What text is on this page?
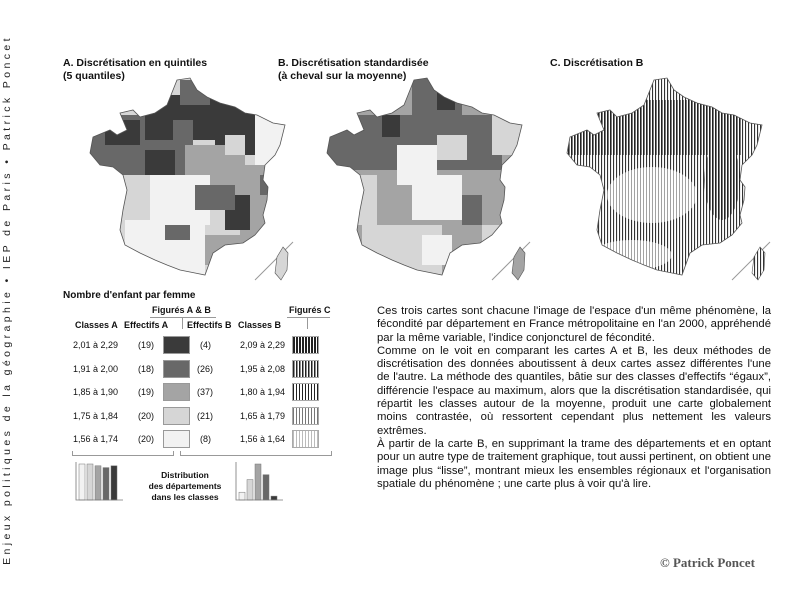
Enjeux politiques de la géographie • IEP de Paris • Patrick Poncet	A. Discrétisation en quintiles
(5 quantiles)
B. Discrétisation standardisée
(à cheval sur la moyenne)
C. Discrétisation B
Nombre d'enfant par femme
Figurés A & B	Figurés C
Classes A Effectifs A Effectifs B Classes B
2,01 à 2,29 (19)	(4)	2,09 à 2,29
1,91 à 2,00 (18)	(26)	1,95 à 2,08
1,85 à 1,90 (19)	(37)	1,80 à 1,94
1,75 à 1,84 (20)	(21)	1,65 à 1,79
1,56 à 1,74 (20)	(8)	1,56 à 1,64
Distribution
des départements
dans les classes

Ces trois cartes sont chacune l'image de l'espace d'un même phénomène, la fécondité par département en France métropolitaine en l'an 2000, appréhendé par la même variable, l'indice conjoncturel de fécondité.

Comme on le voit en comparant les cartes A et B, les deux méthodes de discrétisation des données aboutissent à deux cartes assez différentes l'une de l'autre. La méthode des quantiles, bâtie sur des classes d'effectifs “égaux”, différencie l'espace au maximum, alors que la discrétisation standardisée, qui répartit les classes autour de la moyenne, produit une carte globalement moins contrastée, où ressortent cependant plus nettement les valeurs extrêmes.

À partir de la carte B, en supprimant la trame des départements et en optant pour un autre type de traitement graphique, tout aussi pertinent, on obtient une image plus “lisse”, montrant mieux les ensembles régionaux et l'organisation spatiale du phénomène ; une carte plus à voir qu'à lire.

© Patrick Poncet
